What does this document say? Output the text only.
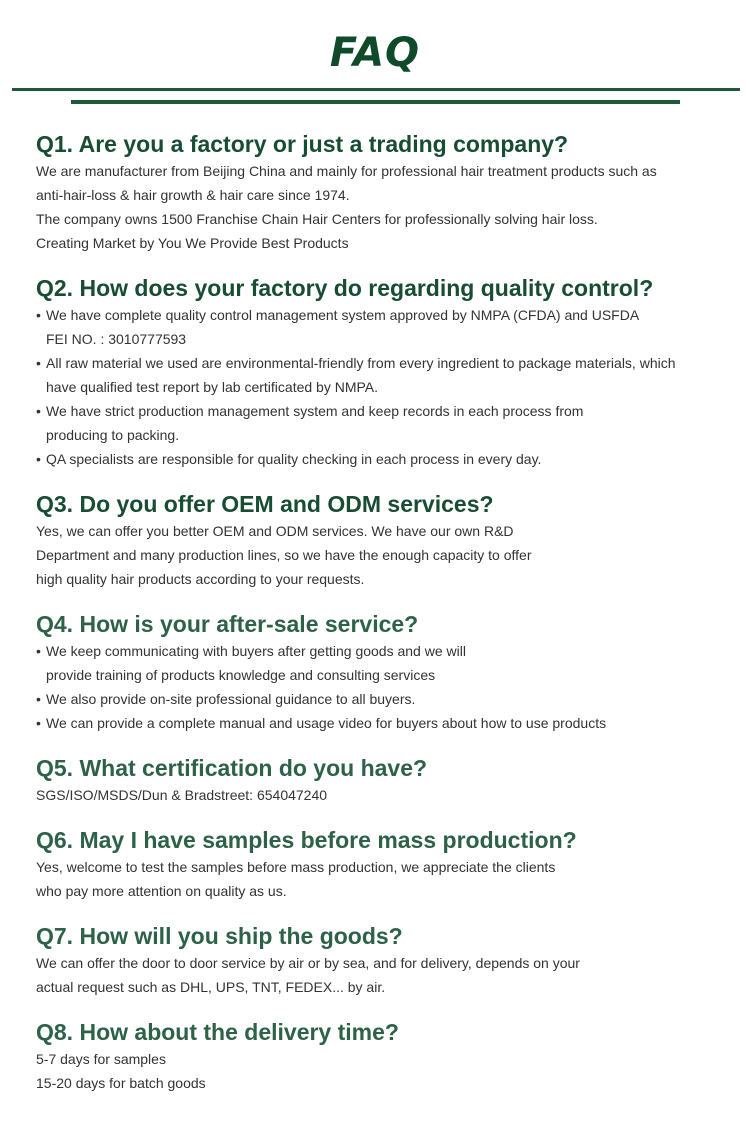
FAQ
Q1. Are you a factory or just a trading company?
We are manufacturer from Beijing China and mainly for professional hair treatment products such as
anti-hair-loss & hair growth & hair care since 1974.
The company owns 1500 Franchise Chain Hair Centers for professionally solving hair loss.
Creating Market by You We Provide Best Products
Q2. How does your factory do regarding quality control?
• We have complete quality control management system approved by NMPA (CFDA) and USFDA
FEI NO. : 3010777593
• All raw material we used are environmental-friendly from every ingredient to package materials, which
have qualified test report by lab certificated by NMPA.
• We have strict production management system and keep records in each process from
producing to packing.
• QA specialists are responsible for quality checking in each process in every day.
Q3. Do you offer OEM and ODM services?
Yes, we can offer you better OEM and ODM services. We have our own R&D
Department and many production lines, so we have the enough capacity to offer
high quality hair products according to your requests.
Q4. How is your after-sale service?
• We keep communicating with buyers after getting goods and we will
provide training of products knowledge and consulting services
• We also provide on-site professional guidance to all buyers.
• We can provide a complete manual and usage video for buyers about how to use products
Q5. What certification do you have?
SGS/ISO/MSDS/Dun & Bradstreet: 654047240
Q6. May I have samples before mass production?
Yes, welcome to test the samples before mass production, we appreciate the clients
who pay more attention on quality as us.
Q7. How will you ship the goods?
We can offer the door to door service by air or by sea, and for delivery, depends on your
actual request such as DHL, UPS, TNT, FEDEX... by air.
Q8. How about the delivery time?
5-7 days for samples
15-20 days for batch goods
